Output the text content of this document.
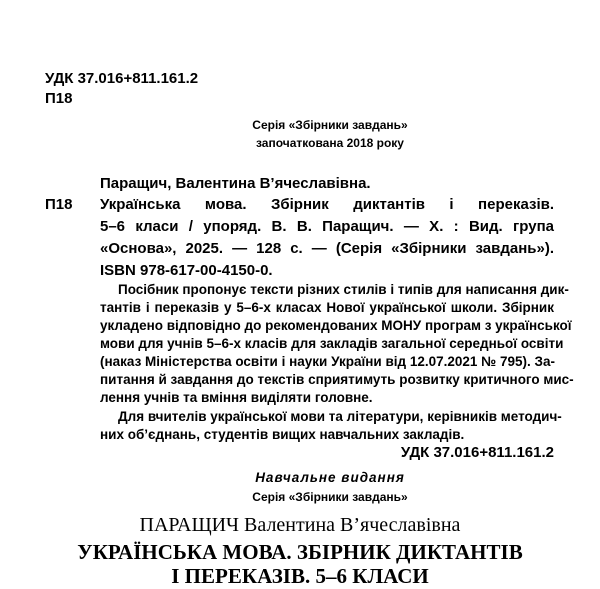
УДК 37.016+811.161.2
П18
Серія «Збірники завдань»
започаткована 2018 року
Паращич, Валентина В’ячеславівна.
П18 Українська мова. Збірник диктантів і переказів.
5–6 класи / упоряд. В. В. Паращич. — Х. : Вид. група
«Основа», 2025. — 128 с. — (Серія «Збірники завдань»).
ISBN 978-617-00-4150-0.
Посібник пропонує тексти різних стилів і типів для написання дик-
тантів і переказів у 5–6-х класах Нової української школи. Збірник
укладено відповідно до рекомендованих МОНУ програм з української
мови для учнів 5–6-х класів для закладів загальної середньої освіти
(наказ Міністерства освіти і науки України від 12.07.2021 № 795). За-
питання й завдання до текстів сприятимуть розвитку критичного мис-
лення учнів та вміння виділяти головне.
Для вчителів української мови та літератури, керівників методич-
них об’єднань, студентів вищих навчальних закладів.
УДК 37.016+811.161.2
Навчальне видання
Серія «Збірники завдань»
ПАРАЩИЧ Валентина В’ячеславівна
УКРАЇНСЬКА МОВА. ЗБІРНИК ДИКТАНТІВ
І ПЕРЕКАЗІВ. 5–6 КЛАСИ
